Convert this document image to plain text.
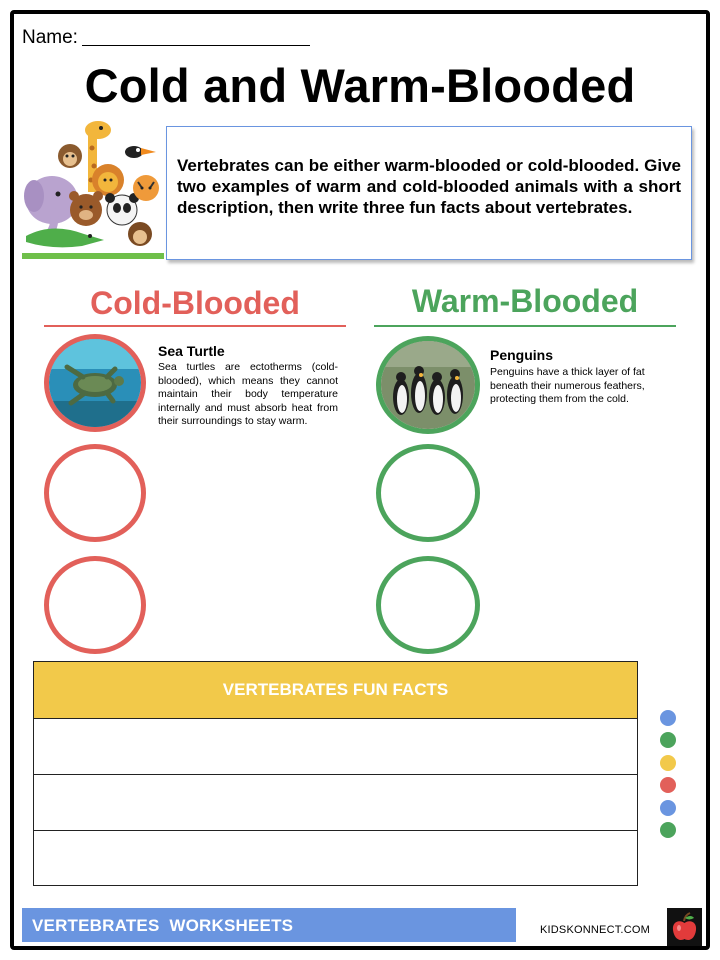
Name:
Cold and Warm-Blooded
Vertebrates can be either warm-blooded or cold-blooded. Give two examples of warm and cold-blooded animals with a short description, then write three fun facts about vertebrates.
Cold-Blooded
Sea Turtle
Sea turtles are ectotherms (cold-blooded), which means they cannot maintain their body temperature internally and must absorb heat from their surroundings to stay warm.
Warm-Blooded
Penguins
Penguins have a thick layer of fat beneath their numerous feathers, protecting them from the cold.
VERTEBRATES FUN FACTS
VERTEBRATES  WORKSHEETS	KIDSKONNECT.COM
